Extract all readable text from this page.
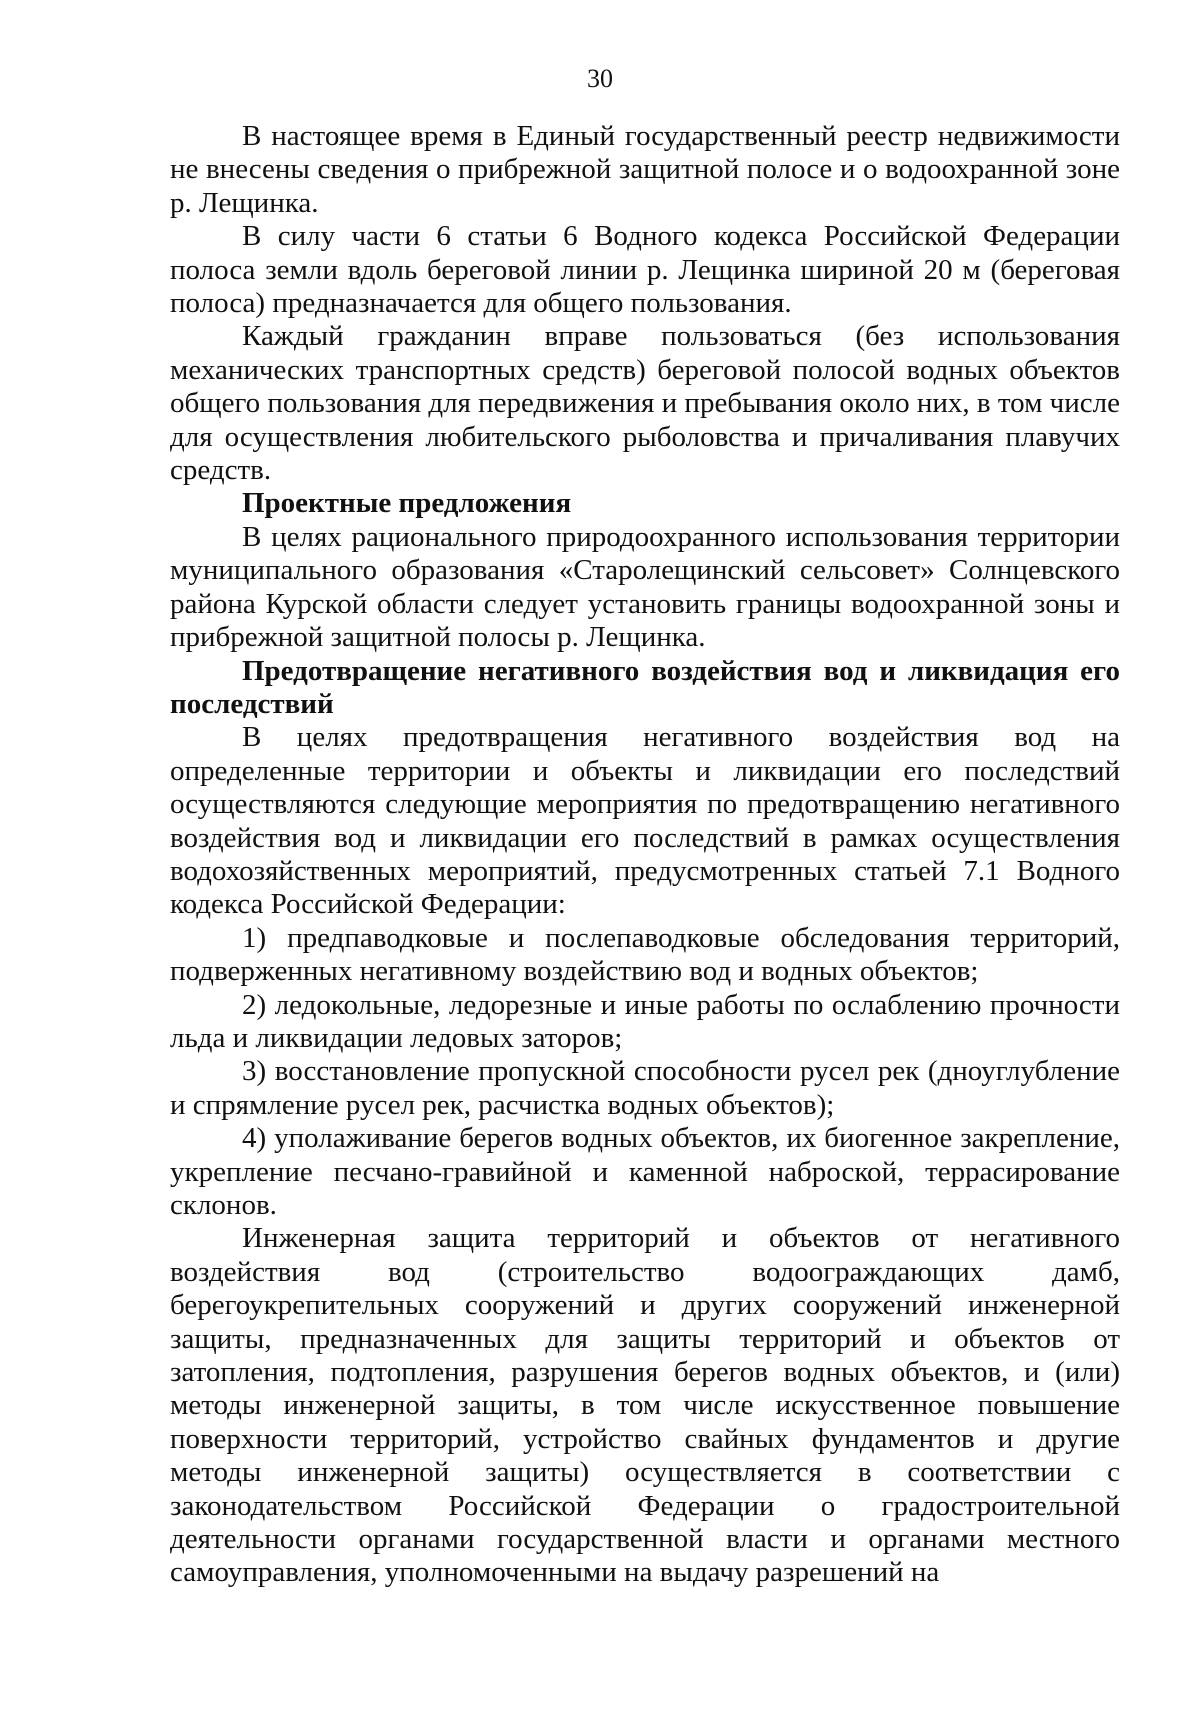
30

В настоящее время в Единый государственный реестр недвижимости не внесены сведения о прибрежной защитной полосе и о водоохранной зоне р. Лещинка.

В силу части 6 статьи 6 Водного кодекса Российской Федерации полоса земли вдоль береговой линии р. Лещинка шириной 20 м (береговая полоса) предназначается для общего пользования.

Каждый гражданин вправе пользоваться (без использования механических транспортных средств) береговой полосой водных объектов общего пользования для передвижения и пребывания около них, в том числе для осуществления любительского рыболовства и причаливания плавучих средств.

Проектные предложения

В целях рационального природоохранного использования территории муниципального образования «Старолещинский сельсовет» Солнцевского района Курской области следует установить границы водоохранной зоны и прибрежной защитной полосы р. Лещинка.

Предотвращение негативного воздействия вод и ликвидация его последствий

В целях предотвращения негативного воздействия вод на определенные территории и объекты и ликвидации его последствий осуществляются следующие мероприятия по предотвращению негативного воздействия вод и ликвидации его последствий в рамках осуществления водохозяйственных мероприятий, предусмотренных статьей 7.1 Водного кодекса Российской Федерации:

1) предпаводковые и послепаводковые обследования территорий, подверженных негативному воздействию вод и водных объектов;

2) ледокольные, ледорезные и иные работы по ослаблению прочности льда и ликвидации ледовых заторов;

3) восстановление пропускной способности русел рек (дноуглубление и спрямление русел рек, расчистка водных объектов);

4) уполаживание берегов водных объектов, их биогенное закрепление, укрепление песчано-гравийной и каменной наброской, террасирование склонов.

Инженерная защита территорий и объектов от негативного воздействия вод (строительство водоограждающих дамб, берегоукрепительных сооружений и других сооружений инженерной защиты, предназначенных для защиты территорий и объектов от затопления, подтопления, разрушения берегов водных объектов, и (или) методы инженерной защиты, в том числе искусственное повышение поверхности территорий, устройство свайных фундаментов и другие методы инженерной защиты) осуществляется в соответствии с законодательством Российской Федерации о градостроительной деятельности органами государственной власти и органами местного самоуправления, уполномоченными на выдачу разрешений на
